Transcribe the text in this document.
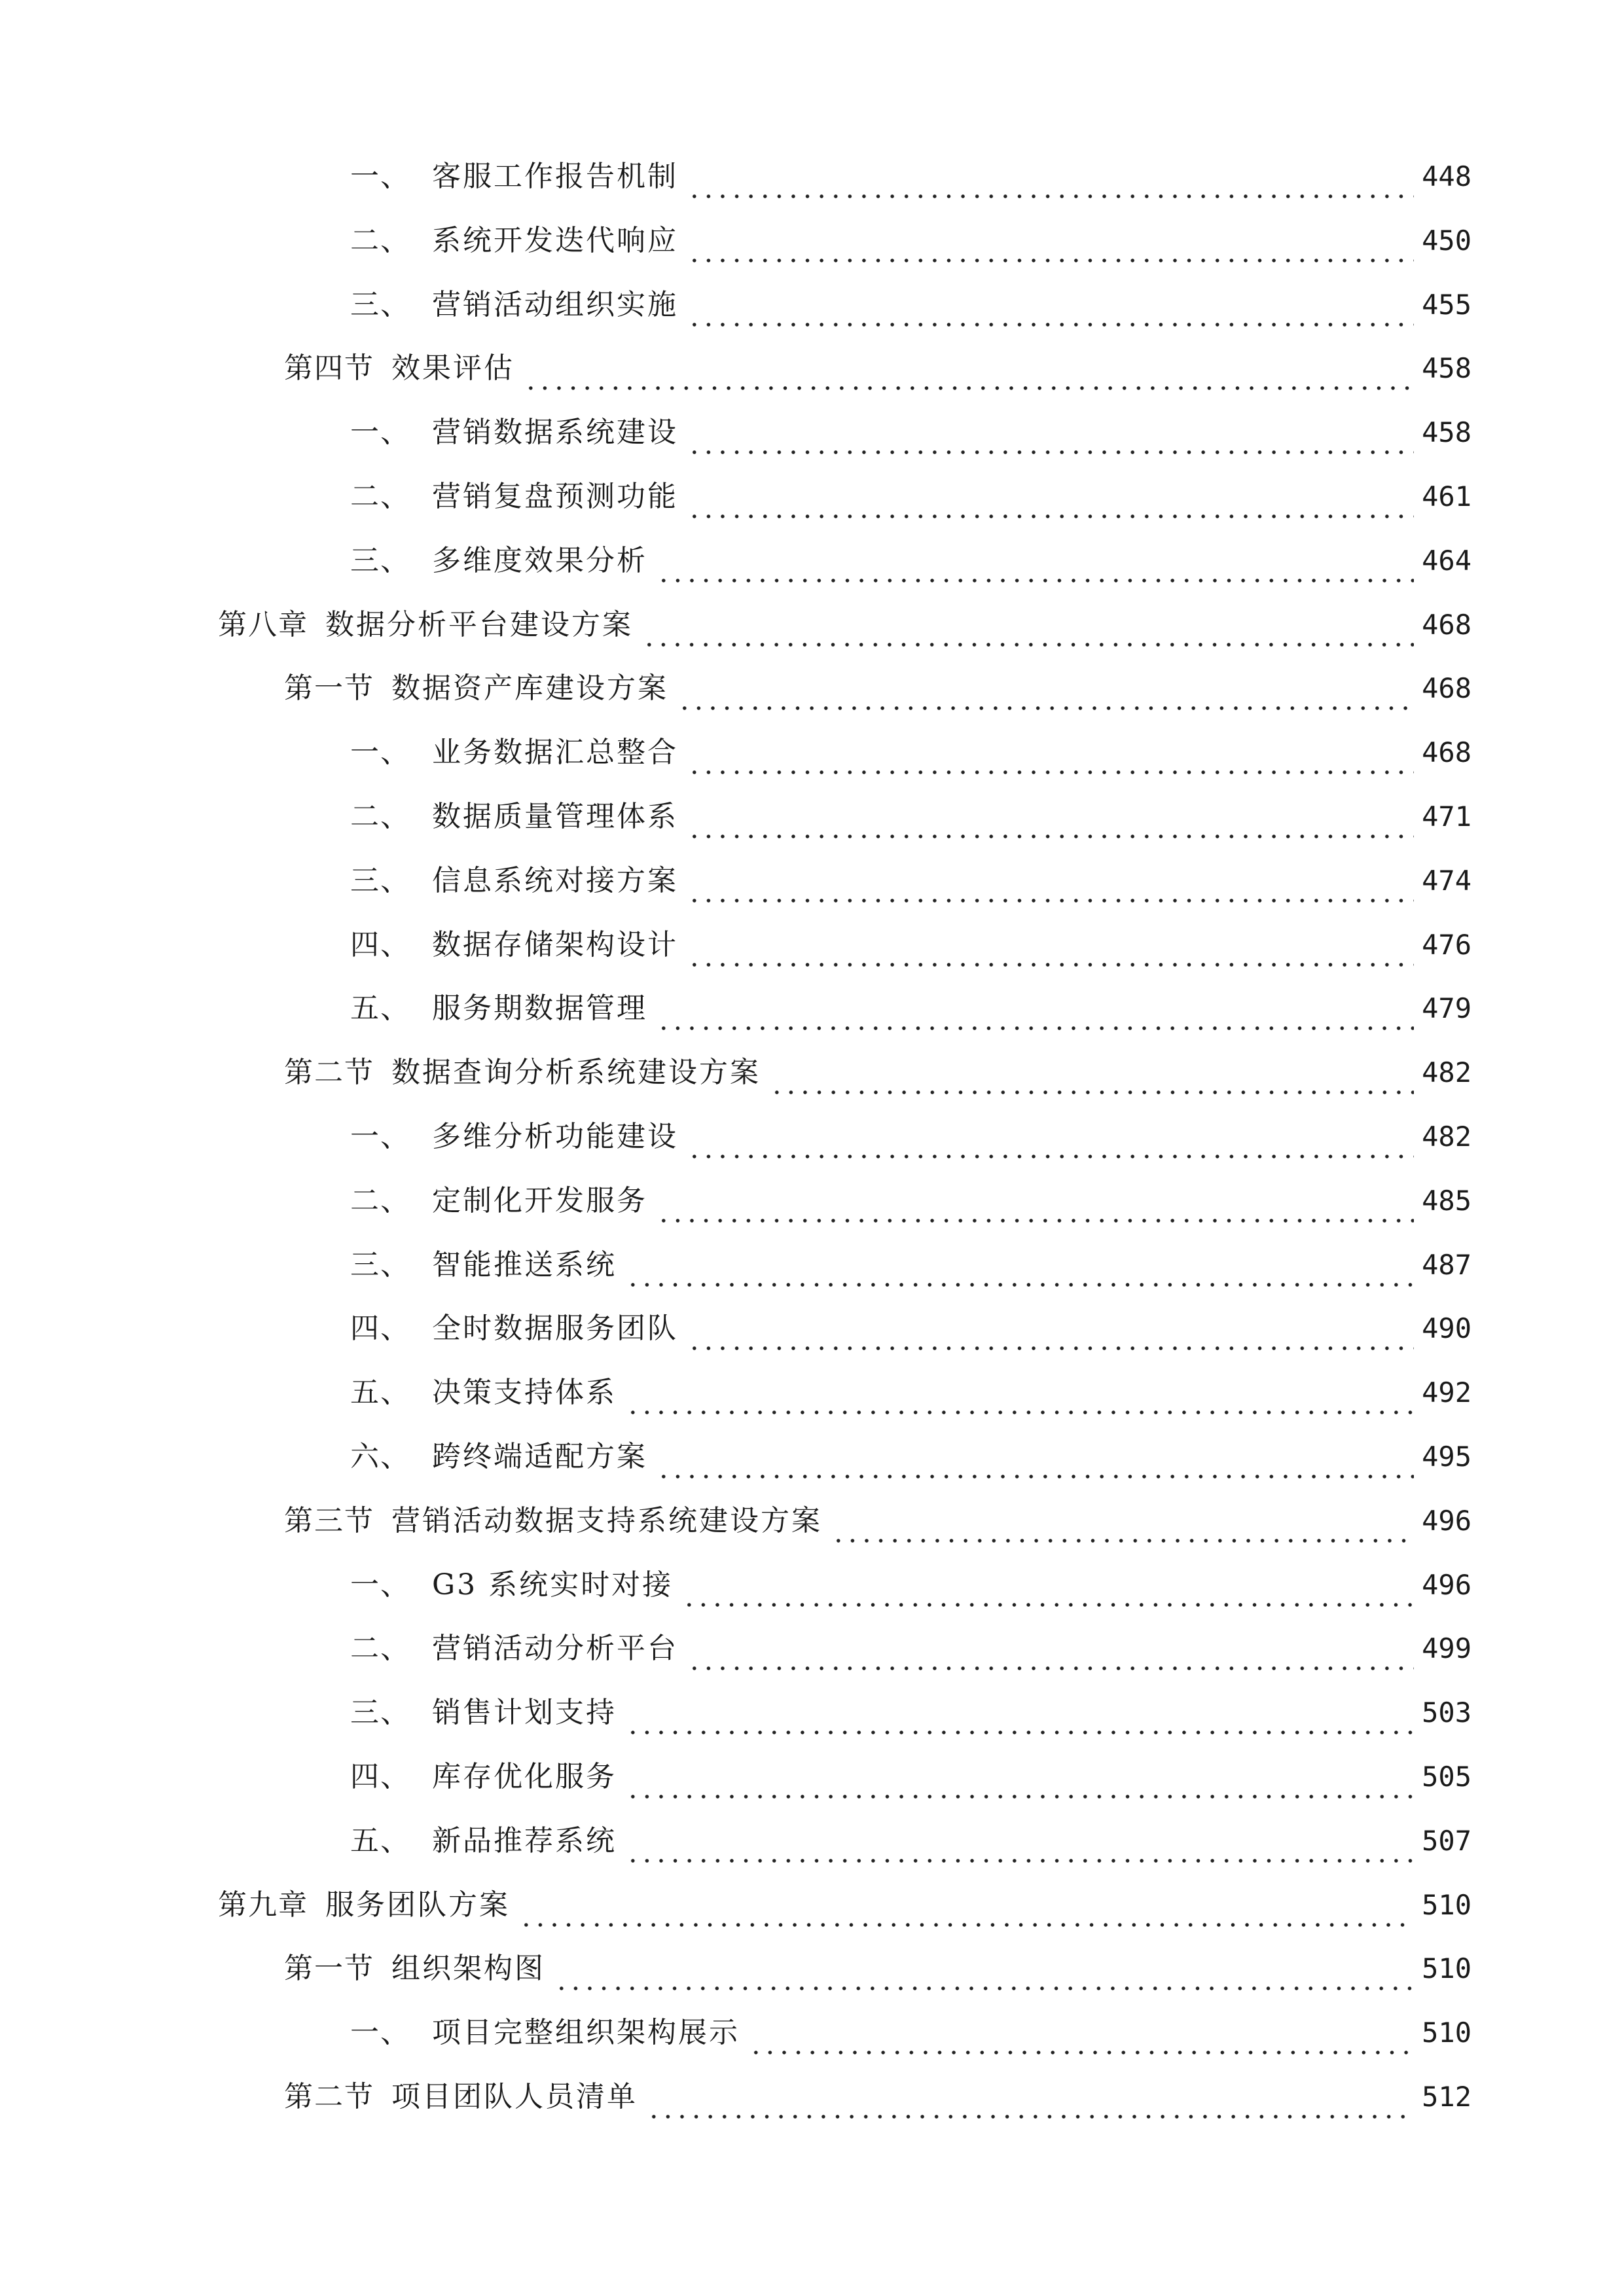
一、 客服工作报告机制	448
二、 系统开发迭代响应	450
三、 营销活动组织实施	455
第四节 效果评估	458
一、 营销数据系统建设	458
二、 营销复盘预测功能	461
三、 多维度效果分析	464
第八章 数据分析平台建设方案	468
第一节 数据资产库建设方案	468
一、 业务数据汇总整合	468
二、 数据质量管理体系	471
三、 信息系统对接方案	474
四、 数据存储架构设计	476
五、 服务期数据管理	479
第二节 数据查询分析系统建设方案	482
一、 多维分析功能建设	482
二、 定制化开发服务	485
三、 智能推送系统	487
四、 全时数据服务团队	490
五、 决策支持体系	492
六、 跨终端适配方案	495
第三节 营销活动数据支持系统建设方案	496
一、 G3 系统实时对接	496
二、 营销活动分析平台	499
三、 销售计划支持	503
四、 库存优化服务	505
五、 新品推荐系统	507
第九章 服务团队方案	510
第一节 组织架构图	510
一、 项目完整组织架构展示	510
第二节 项目团队人员清单	512
